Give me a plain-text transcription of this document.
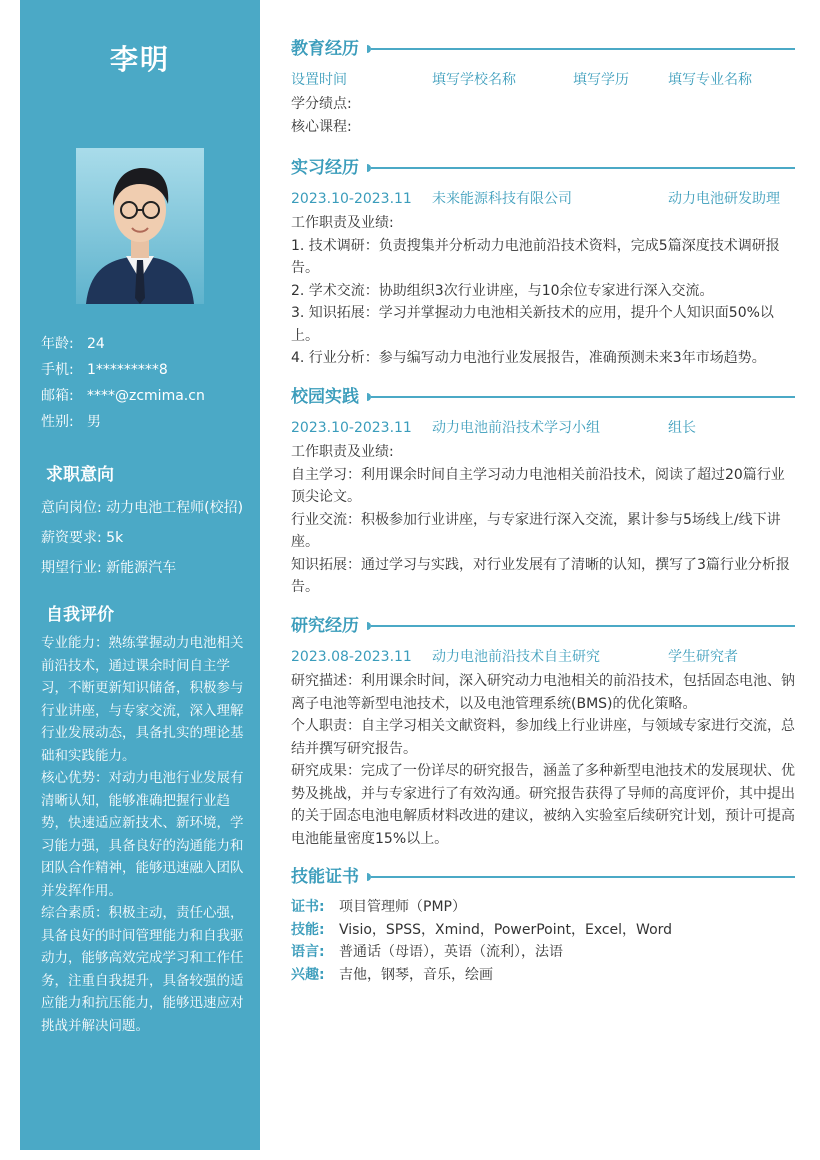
李明
年龄: 24
手机: 1*********8
邮箱: ****@zcmima.cn
性别: 男
求职意向
意向岗位: 动力电池工程师(校招)
薪资要求: 5k
期望行业: 新能源汽车
自我评价

专业能力：熟练掌握动力电池相关前沿技术，通过课余时间自主学习，不断更新知识储备，积极参与行业讲座，与专家交流，深入理解行业发展动态，具备扎实的理论基础和实践能力。

核心优势：对动力电池行业发展有清晰认知，能够准确把握行业趋势，快速适应新技术、新环境，学习能力强，具备良好的沟通能力和团队合作精神，能够迅速融入团队并发挥作用。

综合素质：积极主动，责任心强，具备良好的时间管理能力和自我驱动力，能够高效完成学习和工作任务，注重自我提升，具备较强的适应能力和抗压能力，能够迅速应对挑战并解决问题。

教育经历
设置时间	填写学校名称	填写学历	填写专业名称

学分绩点:

核心课程:

实习经历
2023.10-2023.11 未来能源科技有限公司	动力电池研发助理

工作职责及业绩:

1. 技术调研：负责搜集并分析动力电池前沿技术资料，完成5篇深度技术调研报告。

2. 学术交流：协助组织3次行业讲座，与10余位专家进行深入交流。

3. 知识拓展：学习并掌握动力电池相关新技术的应用，提升个人知识面50%以上。

4. 行业分析：参与编写动力电池行业发展报告，准确预测未来3年市场趋势。

校园实践
2023.10-2023.11 动力电池前沿技术学习小组	组长

工作职责及业绩:

自主学习：利用课余时间自主学习动力电池相关前沿技术，阅读了超过20篇行业顶尖论文。

行业交流：积极参加行业讲座，与专家进行深入交流，累计参与5场线上/线下讲座。

知识拓展：通过学习与实践，对行业发展有了清晰的认知，撰写了3篇行业分析报告。

研究经历
2023.08-2023.11 动力电池前沿技术自主研究	学生研究者

研究描述：利用课余时间，深入研究动力电池相关的前沿技术，包括固态电池、钠离子电池等新型电池技术，以及电池管理系统(BMS)的优化策略。

个人职责：自主学习相关文献资料，参加线上行业讲座，与领域专家进行交流，总结并撰写研究报告。

研究成果：完成了一份详尽的研究报告，涵盖了多种新型电池技术的发展现状、优势及挑战，并与专家进行了有效沟通。研究报告获得了导师的高度评价，其中提出的关于固态电池电解质材料改进的建议，被纳入实验室后续研究计划，预计可提高电池能量密度15%以上。

技能证书
证书: 项目管理师（PMP）
技能: Visio，SPSS，Xmind，PowerPoint，Excel，Word
语言: 普通话（母语），英语（流利），法语
兴趣: 吉他，钢琴，音乐，绘画
